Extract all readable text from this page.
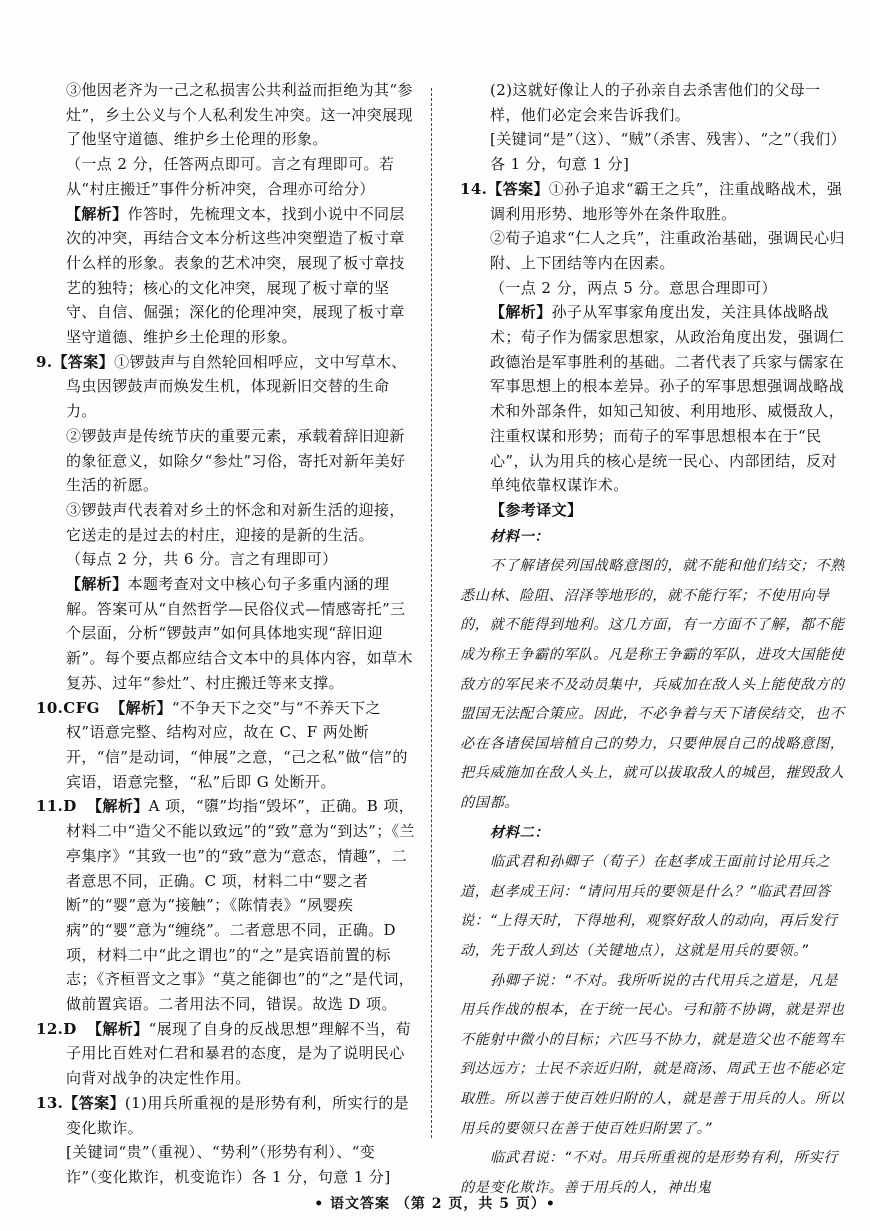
③他因老齐为一己之私损害公共利益而拒绝为其“参灶”，乡土公义与个人私利发生冲突。这一冲突展现了他坚守道德、维护乡土伦理的形象。

（一点 2 分，任答两点即可。言之有理即可。若从“村庄搬迁”事件分析冲突，合理亦可给分）

【解析】作答时，先梳理文本，找到小说中不同层次的冲突，再结合文本分析这些冲突塑造了板寸章什么样的形象。表象的艺术冲突，展现了板寸章技艺的独特；核心的文化冲突，展现了板寸章的坚守、自信、倔强；深化的伦理冲突，展现了板寸章坚守道德、维护乡土伦理的形象。

9.【答案】①锣鼓声与自然轮回相呼应，文中写草木、鸟虫因锣鼓声而焕发生机，体现新旧交替的生命力。

②锣鼓声是传统节庆的重要元素，承载着辞旧迎新的象征意义，如除夕“参灶”习俗，寄托对新年美好生活的祈愿。

③锣鼓声代表着对乡土的怀念和对新生活的迎接，它送走的是过去的村庄，迎接的是新的生活。

（每点 2 分，共 6 分。言之有理即可）

【解析】本题考查对文中核心句子多重内涵的理解。答案可从“自然哲学—民俗仪式—情感寄托”三个层面，分析“锣鼓声”如何具体地实现“辞旧迎新”。每个要点都应结合文本中的具体内容，如草木复苏、过年“参灶”、村庄搬迁等来支撑。

10.CFG 【解析】“不争天下之交”与“不养天下之权”语意完整、结构对应，故在 C、F 两处断开，“信”是动词，“伸展”之意，“己之私”做“信”的宾语，语意完整，“私”后即 G 处断开。

11.D 【解析】A 项，“隳”均指“毁坏”，正确。B 项，材料二中“造父不能以致远”的“致”意为“到达”；《兰亭集序》“其致一也”的“致”意为“意态，情趣”，二者意思不同，正确。C 项，材料二中“婴之者断”的“婴”意为“接触”；《陈情表》“夙婴疾病”的“婴”意为“缠绕”。二者意思不同，正确。D 项，材料二中“此之谓也”的“之”是宾语前置的标志；《齐桓晋文之事》“莫之能御也”的“之”是代词，做前置宾语。二者用法不同，错误。故选 D 项。

12.D 【解析】“展现了自身的反战思想”理解不当，荀子用比百姓对仁君和暴君的态度，是为了说明民心向背对战争的决定性作用。

13.【答案】(1)用兵所重视的是形势有利，所实行的是变化欺诈。

[关键词“贵”（重视）、“势利”（形势有利）、“变诈”（变化欺诈，机变诡诈）各 1 分，句意 1 分]

(2)这就好像让人的子孙亲自去杀害他们的父母一样，他们必定会来告诉我们。

[关键词“是”（这）、“贼”（杀害、残害）、“之”（我们）各 1 分，句意 1 分]

14.【答案】①孙子追求“霸王之兵”，注重战略战术，强调利用形势、地形等外在条件取胜。

②荀子追求“仁人之兵”，注重政治基础，强调民心归附、上下团结等内在因素。

（一点 2 分，两点 5 分。意思合理即可）

【解析】孙子从军事家角度出发，关注具体战略战术；荀子作为儒家思想家，从政治角度出发，强调仁政德治是军事胜利的基础。二者代表了兵家与儒家在军事思想上的根本差异。孙子的军事思想强调战略战术和外部条件，如知己知彼、利用地形、威慑敌人，注重权谋和形势；而荀子的军事思想根本在于“民心”，认为用兵的核心是统一民心、内部团结，反对单纯依靠权谋诈术。

【参考译文】

材料一：

不了解诸侯列国战略意图的，就不能和他们结交；不熟悉山林、险阻、沼泽等地形的，就不能行军；不使用向导的，就不能得到地利。这几方面，有一方面不了解，都不能成为称王争霸的军队。凡是称王争霸的军队，进攻大国能使敌方的军民来不及动员集中，兵威加在敌人头上能使敌方的盟国无法配合策应。因此，不必争着与天下诸侯结交，也不必在各诸侯国培植自己的势力，只要伸展自己的战略意图，把兵威施加在敌人头上，就可以拔取敌人的城邑，摧毁敌人的国都。

材料二：

临武君和孙卿子（荀子）在赵孝成王面前讨论用兵之道，赵孝成王问：“请问用兵的要领是什么？”临武君回答说：“上得天时，下得地利，观察好敌人的动向，再后发行动，先于敌人到达（关键地点），这就是用兵的要领。”

孙卿子说：“不对。我所听说的古代用兵之道是，凡是用兵作战的根本，在于统一民心。弓和箭不协调，就是羿也不能射中微小的目标；六匹马不协力，就是造父也不能驾车到达远方；士民不亲近归附，就是商汤、周武王也不能必定取胜。所以善于使百姓归附的人，就是善于用兵的人。所以用兵的要领只在善于使百姓归附罢了。”

临武君说：“不对。用兵所重视的是形势有利，所实行的是变化欺诈。善于用兵的人，神出鬼

• 语文答案 （第 2 页，共 5 页）•
